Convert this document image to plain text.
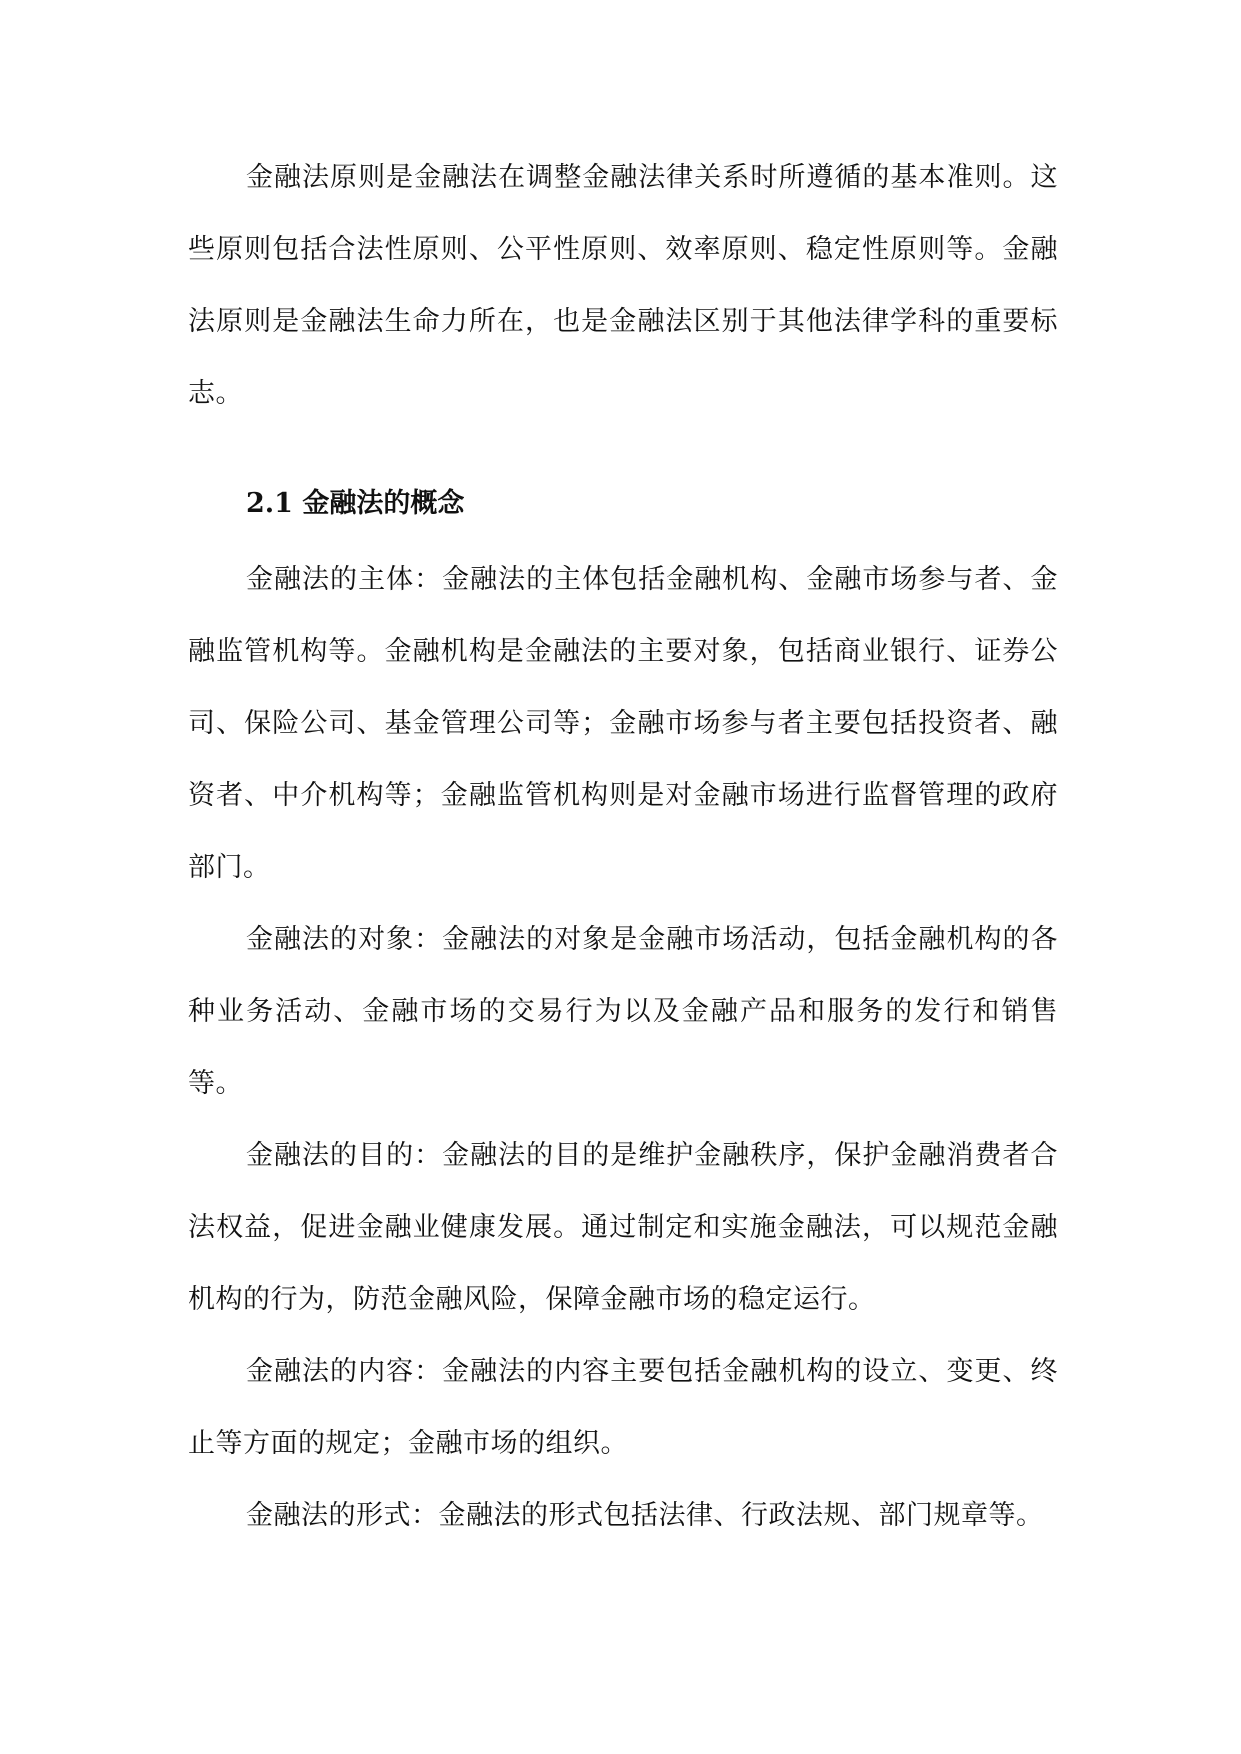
金融法原则是金融法在调整金融法律关系时所遵循的基本准则。这些原则包括合法性原则、公平性原则、效率原则、稳定性原则等。金融法原则是金融法生命力所在，也是金融法区别于其他法律学科的重要标志。

2.1 金融法的概念

金融法的主体：金融法的主体包括金融机构、金融市场参与者、金融监管机构等。金融机构是金融法的主要对象，包括商业银行、证券公司、保险公司、基金管理公司等；金融市场参与者主要包括投资者、融资者、中介机构等；金融监管机构则是对金融市场进行监督管理的政府部门。

金融法的对象：金融法的对象是金融市场活动，包括金融机构的各种业务活动、金融市场的交易行为以及金融产品和服务的发行和销售等。

金融法的目的：金融法的目的是维护金融秩序，保护金融消费者合法权益，促进金融业健康发展。通过制定和实施金融法，可以规范金融机构的行为，防范金融风险，保障金融市场的稳定运行。

金融法的内容：金融法的内容主要包括金融机构的设立、变更、终止等方面的规定；金融市场的组织。

金融法的形式：金融法的形式包括法律、行政法规、部门规章等。
